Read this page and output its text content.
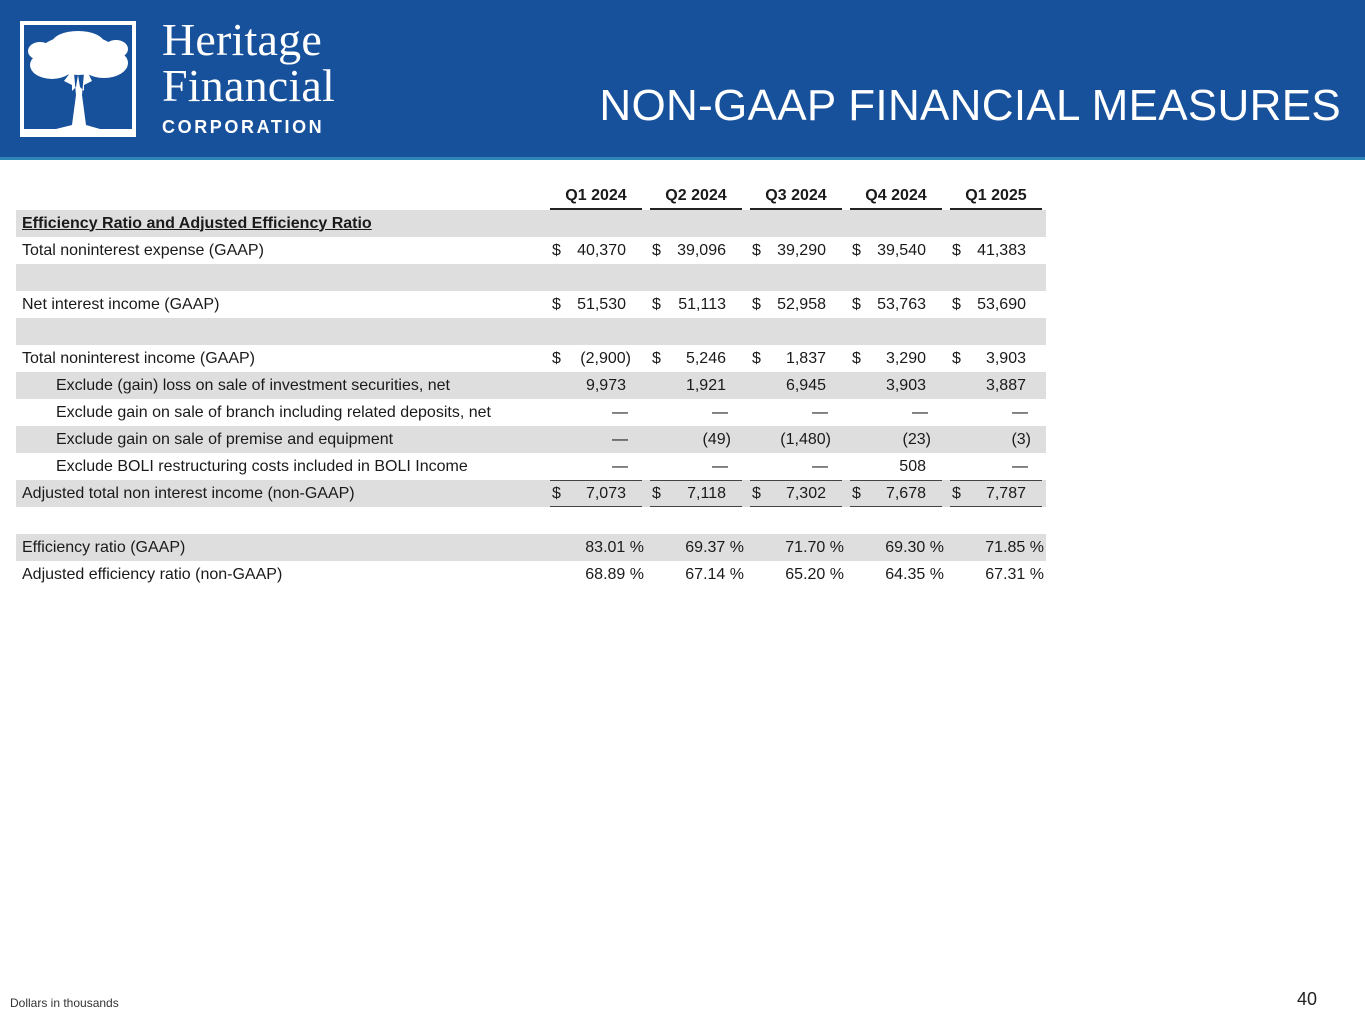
Heritage
Financial
CORPORATION	NON-GAAP FINANCIAL MEASURES

	Q1 2024	Q2 2024	Q3 2024	Q4 2024	Q1 2025

Efficiency Ratio and Adjusted Efficiency Ratio					
Total noninterest expense (GAAP)	$ 40,370	$ 39,096	$ 39,290	$ 39,540	$ 41,383

Net interest income (GAAP)	$ 51,530	$ 51,113	$ 52,958	$ 53,763	$ 53,690

Total noninterest income (GAAP)	$ (2,900)	$ 5,246	$ 1,837	$ 3,290	$ 3,903

Exclude (gain) loss on sale of investment securities, net	9,973	1,921	6,945	3,903	3,887

Exclude gain on sale of branch including related deposits, net	—	—	—	—	—

Exclude gain on sale of premise and equipment	—	(49)	(1,480)	(23)	(3)

Exclude BOLI restructuring costs included in BOLI Income	—	—	—	508	—

Adjusted total non interest income (non-GAAP)	$ 7,073	$ 7,118	$ 7,302	$ 7,678	$ 7,787

Efficiency ratio (GAAP)	83.01 %	69.37 %	71.70 %	69.30 %	71.85 %
Adjusted efficiency ratio (non-GAAP)	68.89 %	67.14 %	65.20 %	64.35 %	67.31 %
Dollars in thousands	40
